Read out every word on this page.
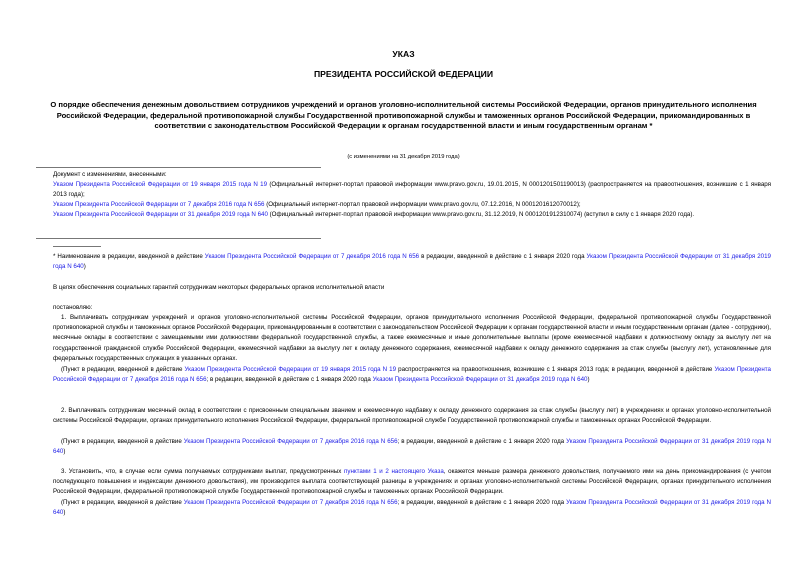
УКАЗ
ПРЕЗИДЕНТА РОССИЙСКОЙ ФЕДЕРАЦИИ
О порядке обеспечения денежным довольствием сотрудников учреждений и органов уголовно-исполнительной системы Российской Федерации, органов принудительного исполнения Российской Федерации, федеральной противопожарной службы Государственной противопожарной службы и таможенных органов Российской Федерации, прикомандированных в соответствии с законодательством Российской Федерации к органам государственной власти и иным государственным органам *
(с изменениями на 31 декабря 2019 года)
Документ с изменениями, внесенными:
Указом Президента Российской Федерации от 19 января 2015 года N 19 (Официальный интернет-портал правовой информации www.pravo.gov.ru, 19.01.2015, N 0001201501190013) (распространяется на правоотношения, возникшие с 1 января 2013 года);
Указом Президента Российской Федерации от 7 декабря 2016 года N 656 (Официальный интернет-портал правовой информации www.pravo.gov.ru, 07.12.2016, N 0001201612070012);
Указом Президента Российской Федерации от 31 декабря 2019 года N 640 (Официальный интернет-портал правовой информации www.pravo.gov.ru, 31.12.2019, N 0001201912310074) (вступил в силу с 1 января 2020 года).
* Наименование в редакции, введенной в действие Указом Президента Российской Федерации от 7 декабря 2016 года N 656 в редакции, введенной в действие с 1 января 2020 года Указом Президента Российской Федерации от 31 декабря 2019 года N 640)
В целях обеспечения социальных гарантий сотрудникам некоторых федеральных органов исполнительной власти
постановляю:
1. Выплачивать сотрудникам учреждений и органов уголовно-исполнительной системы Российской Федерации, органов принудительного исполнения Российской Федерации, федеральной противопожарной службы Государственной противопожарной службы и таможенных органов Российской Федерации, прикомандированным в соответствии с законодательством Российской Федерации к органам государственной власти и иным государственным органам (далее - сотрудники), месячные оклады в соответствии с замещаемыми ими должностями федеральной государственной службы, а также ежемесячные и иные дополнительные выплаты (кроме ежемесячной надбавки к должностному окладу за выслугу лет на государственной гражданской службе Российской Федерации, ежемесячной надбавки за выслугу лет к окладу денежного содержания, ежемесячной надбавки к окладу денежного содержания за стаж службы (выслугу лет), установленные для федеральных государственных служащих в указанных органах.
(Пункт в редакции, введенной в действие Указом Президента Российской Федерации от 19 января 2015 года N 19 распространяется на правоотношения, возникшие с 1 января 2013 года; в редакции, введенной в действие Указом Президента Российской Федерации от 7 декабря 2016 года N 656; в редакции, введенной в действие с 1 января 2020 года Указом Президента Российской Федерации от 31 декабря 2019 года N 640)
2. Выплачивать сотрудникам месячный оклад в соответствии с присвоенным специальным званием и ежемесячную надбавку к окладу денежного содержания за стаж службы (выслугу лет) в учреждениях и органах уголовно-исполнительной системы Российской Федерации, органах принудительного исполнения Российской Федерации, федеральной противопожарной службе Государственной противопожарной службы и таможенных органах Российской Федерации.
(Пункт в редакции, введенной в действие Указом Президента Российской Федерации от 7 декабря 2016 года N 656; в редакции, введенной в действие с 1 января 2020 года Указом Президента Российской Федерации от 31 декабря 2019 года N 640)
3. Установить, что, в случае если сумма получаемых сотрудниками выплат, предусмотренных пунктами 1 и 2 настоящего Указа, окажется меньше размера денежного довольствия, получаемого ими на день прикомандирования (с учетом последующего повышения и индексации денежного довольствия), им производится выплата соответствующей разницы в учреждениях и органах уголовно-исполнительной системы Российской Федерации, органах принудительного исполнения Российской Федерации, федеральной противопожарной службе Государственной противопожарной службы и таможенных органах Российской Федерации.
(Пункт в редакции, введенной в действие Указом Президента Российской Федерации от 7 декабря 2016 года N 656; в редакции, введенной в действие с 1 января 2020 года Указом Президента Российской Федерации от 31 декабря 2019 года N 640)
